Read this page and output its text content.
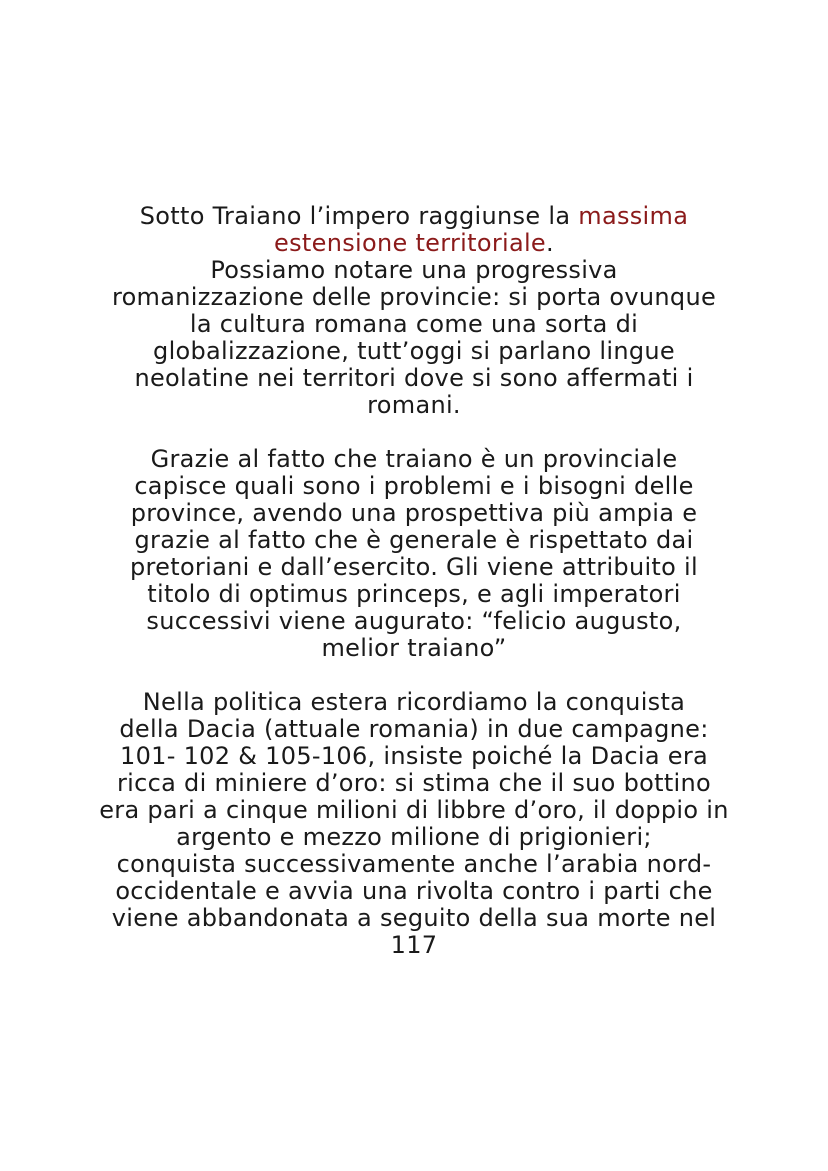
Sotto Traiano l’impero raggiunse la massima
estensione territoriale.
Possiamo notare una progressiva
romanizzazione delle provincie: si porta ovunque
la cultura romana come una sorta di
globalizzazione, tutt’oggi si parlano lingue
neolatine nei territori dove si sono affermati i
romani.

Grazie al fatto che traiano è un provinciale
capisce quali sono i problemi e i bisogni delle
province, avendo una prospettiva più ampia e
grazie al fatto che è generale è rispettato dai
pretoriani e dall’esercito. Gli viene attribuito il
titolo di optimus princeps, e agli imperatori
successivi viene augurato: “felicio augusto,
melior traiano”

Nella politica estera ricordiamo la conquista
della Dacia (attuale romania) in due campagne:
101- 102 & 105-106, insiste poiché la Dacia era
ricca di miniere d’oro: si stima che il suo bottino
era pari a cinque milioni di libbre d’oro, il doppio in
argento e mezzo milione di prigionieri;
conquista successivamente anche l’arabia nord-
occidentale e avvia una rivolta contro i parti che
viene abbandonata a seguito della sua morte nel
117
